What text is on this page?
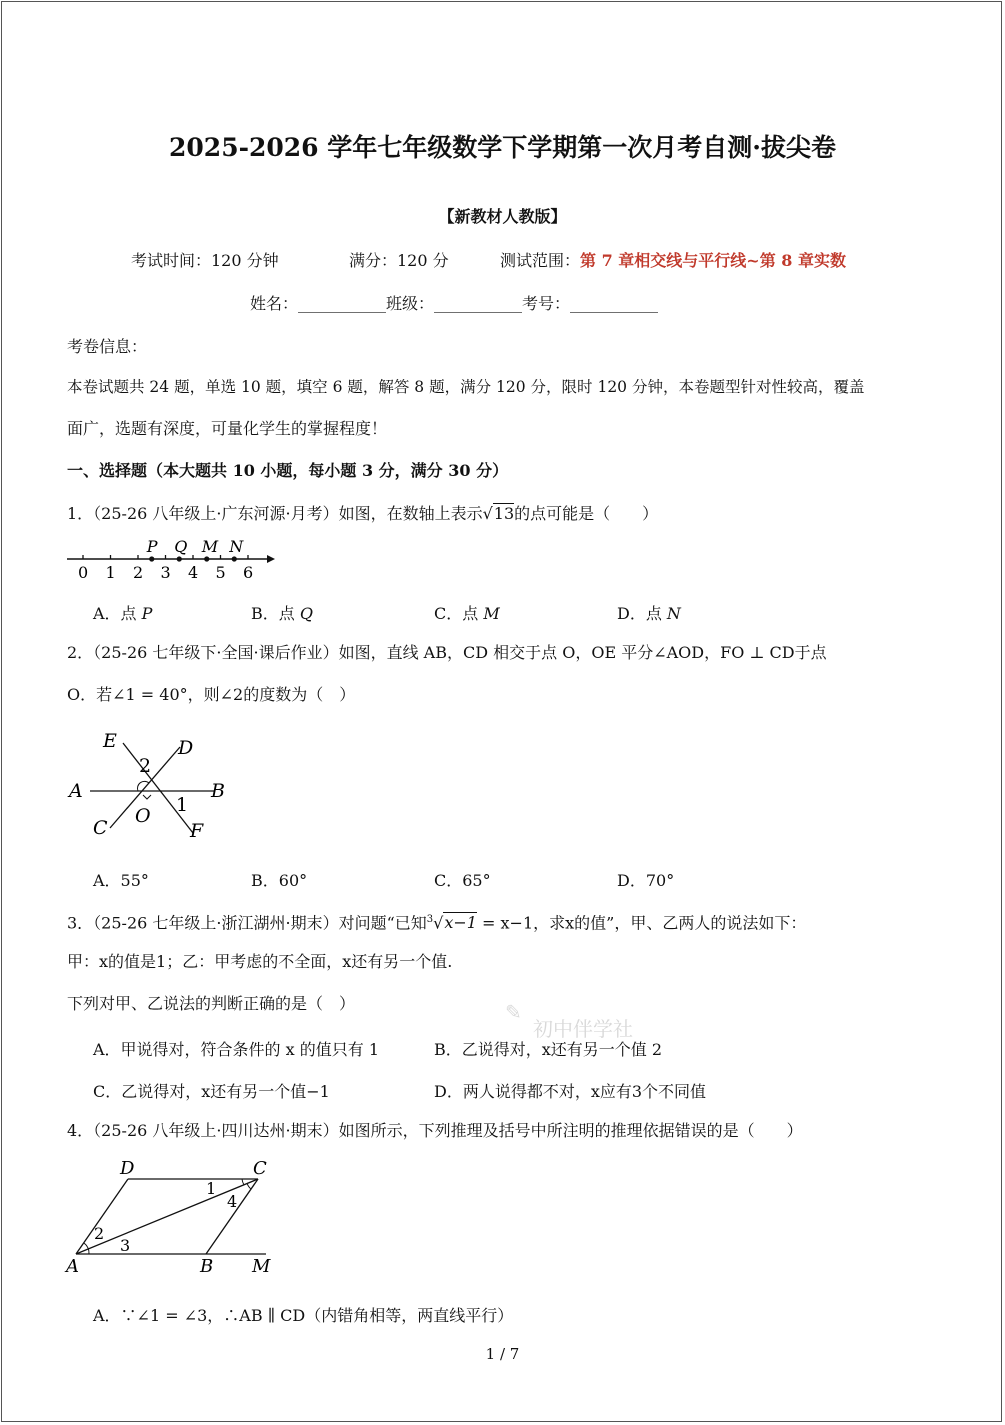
2025-2026 学年七年级数学下学期第一次月考自测·拔尖卷
【新教材人教版】
考试时间：120 分钟	满分：120 分	测试范围：第 7 章相交线与平行线~第 8 章实数
姓名：___________班级：___________考号：___________
考卷信息：
本卷试题共 24 题，单选 10 题，填空 6 题，解答 8 题，满分 120 分，限时 120 分钟，本卷题型针对性较高，覆盖
面广，选题有深度，可量化学生的掌握程度！
一、选择题（本大题共 10 小题，每小题 3 分，满分 30 分）
1．（25-26 八年级上·广东河源·月考）如图，在数轴上表示√13的点可能是（　　）
0 1 2 3 4 5 6
P Q M N
A．点 P	B．点 Q	C．点 M	D．点 N
2．（25-26 七年级下·全国·课后作业）如图，直线 AB，CD 相交于点 O，OE 平分∠AOD，FO ⊥ CD于点
O．若∠1 = 40°，则∠2的度数为（　）
E	D
2
A	B
O 1
C	F
A．55°	B．60°	C．65°	D．70°
3．（25-26 七年级上·浙江湖州·期末）对问题“已知$^3$√x−1 = x−1，求x的值”，甲、乙两人的说法如下：
甲：x的值是1；乙：甲考虑的不全面，x还有另一个值.
下列对甲、乙说法的判断正确的是（　）
A．甲说得对，符合条件的 x 的值只有 1	B．乙说得对，x还有另一个值 2
C．乙说得对，x还有另一个值−1	D．两人说得都不对，x应有3个不同值
✎
初中伴学社
4．（25-26 八年级上·四川达州·期末）如图所示，下列推理及括号中所注明的推理依据错误的是（　　）
D	C
1
4
2
3
A	B M
A．∵∠1 = ∠3，∴AB ∥ CD（内错角相等，两直线平行）
1 / 7
